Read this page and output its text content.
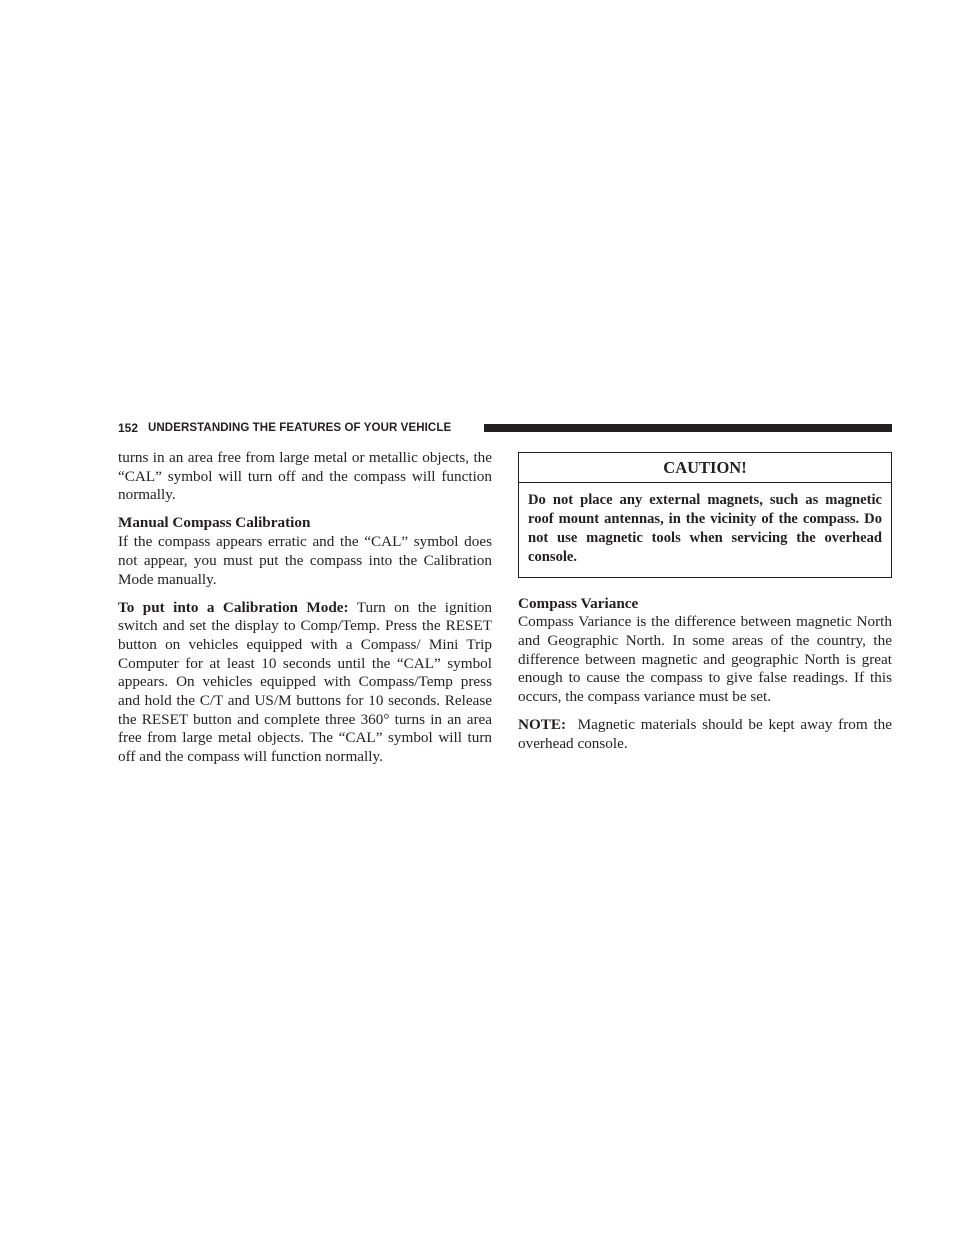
152 UNDERSTANDING THE FEATURES OF YOUR VEHICLE

turns in an area free from large metal or metallic objects, the “CAL” symbol will turn off and the compass will function normally.

Manual Compass Calibration

If the compass appears erratic and the “CAL” symbol does not appear, you must put the compass into the Calibration Mode manually.

To put into a Calibration Mode: Turn on the ignition switch and set the display to Comp/Temp. Press the RESET button on vehicles equipped with a Compass/ Mini Trip Computer for at least 10 seconds until the “CAL” symbol appears. On vehicles equipped with Compass/Temp press and hold the C/T and US/M buttons for 10 seconds. Release the RESET button and complete three 360° turns in an area free from large metal objects. The “CAL” symbol will turn off and the compass will function normally.

CAUTION!
Do not place any external magnets, such as magnetic roof mount antennas, in the vicinity of the compass. Do not use magnetic tools when servicing the overhead console.
Compass Variance

Compass Variance is the difference between magnetic North and Geographic North. In some areas of the country, the difference between magnetic and geographic North is great enough to cause the compass to give false readings. If this occurs, the compass variance must be set.

NOTE:  Magnetic materials should be kept away from the overhead console.
